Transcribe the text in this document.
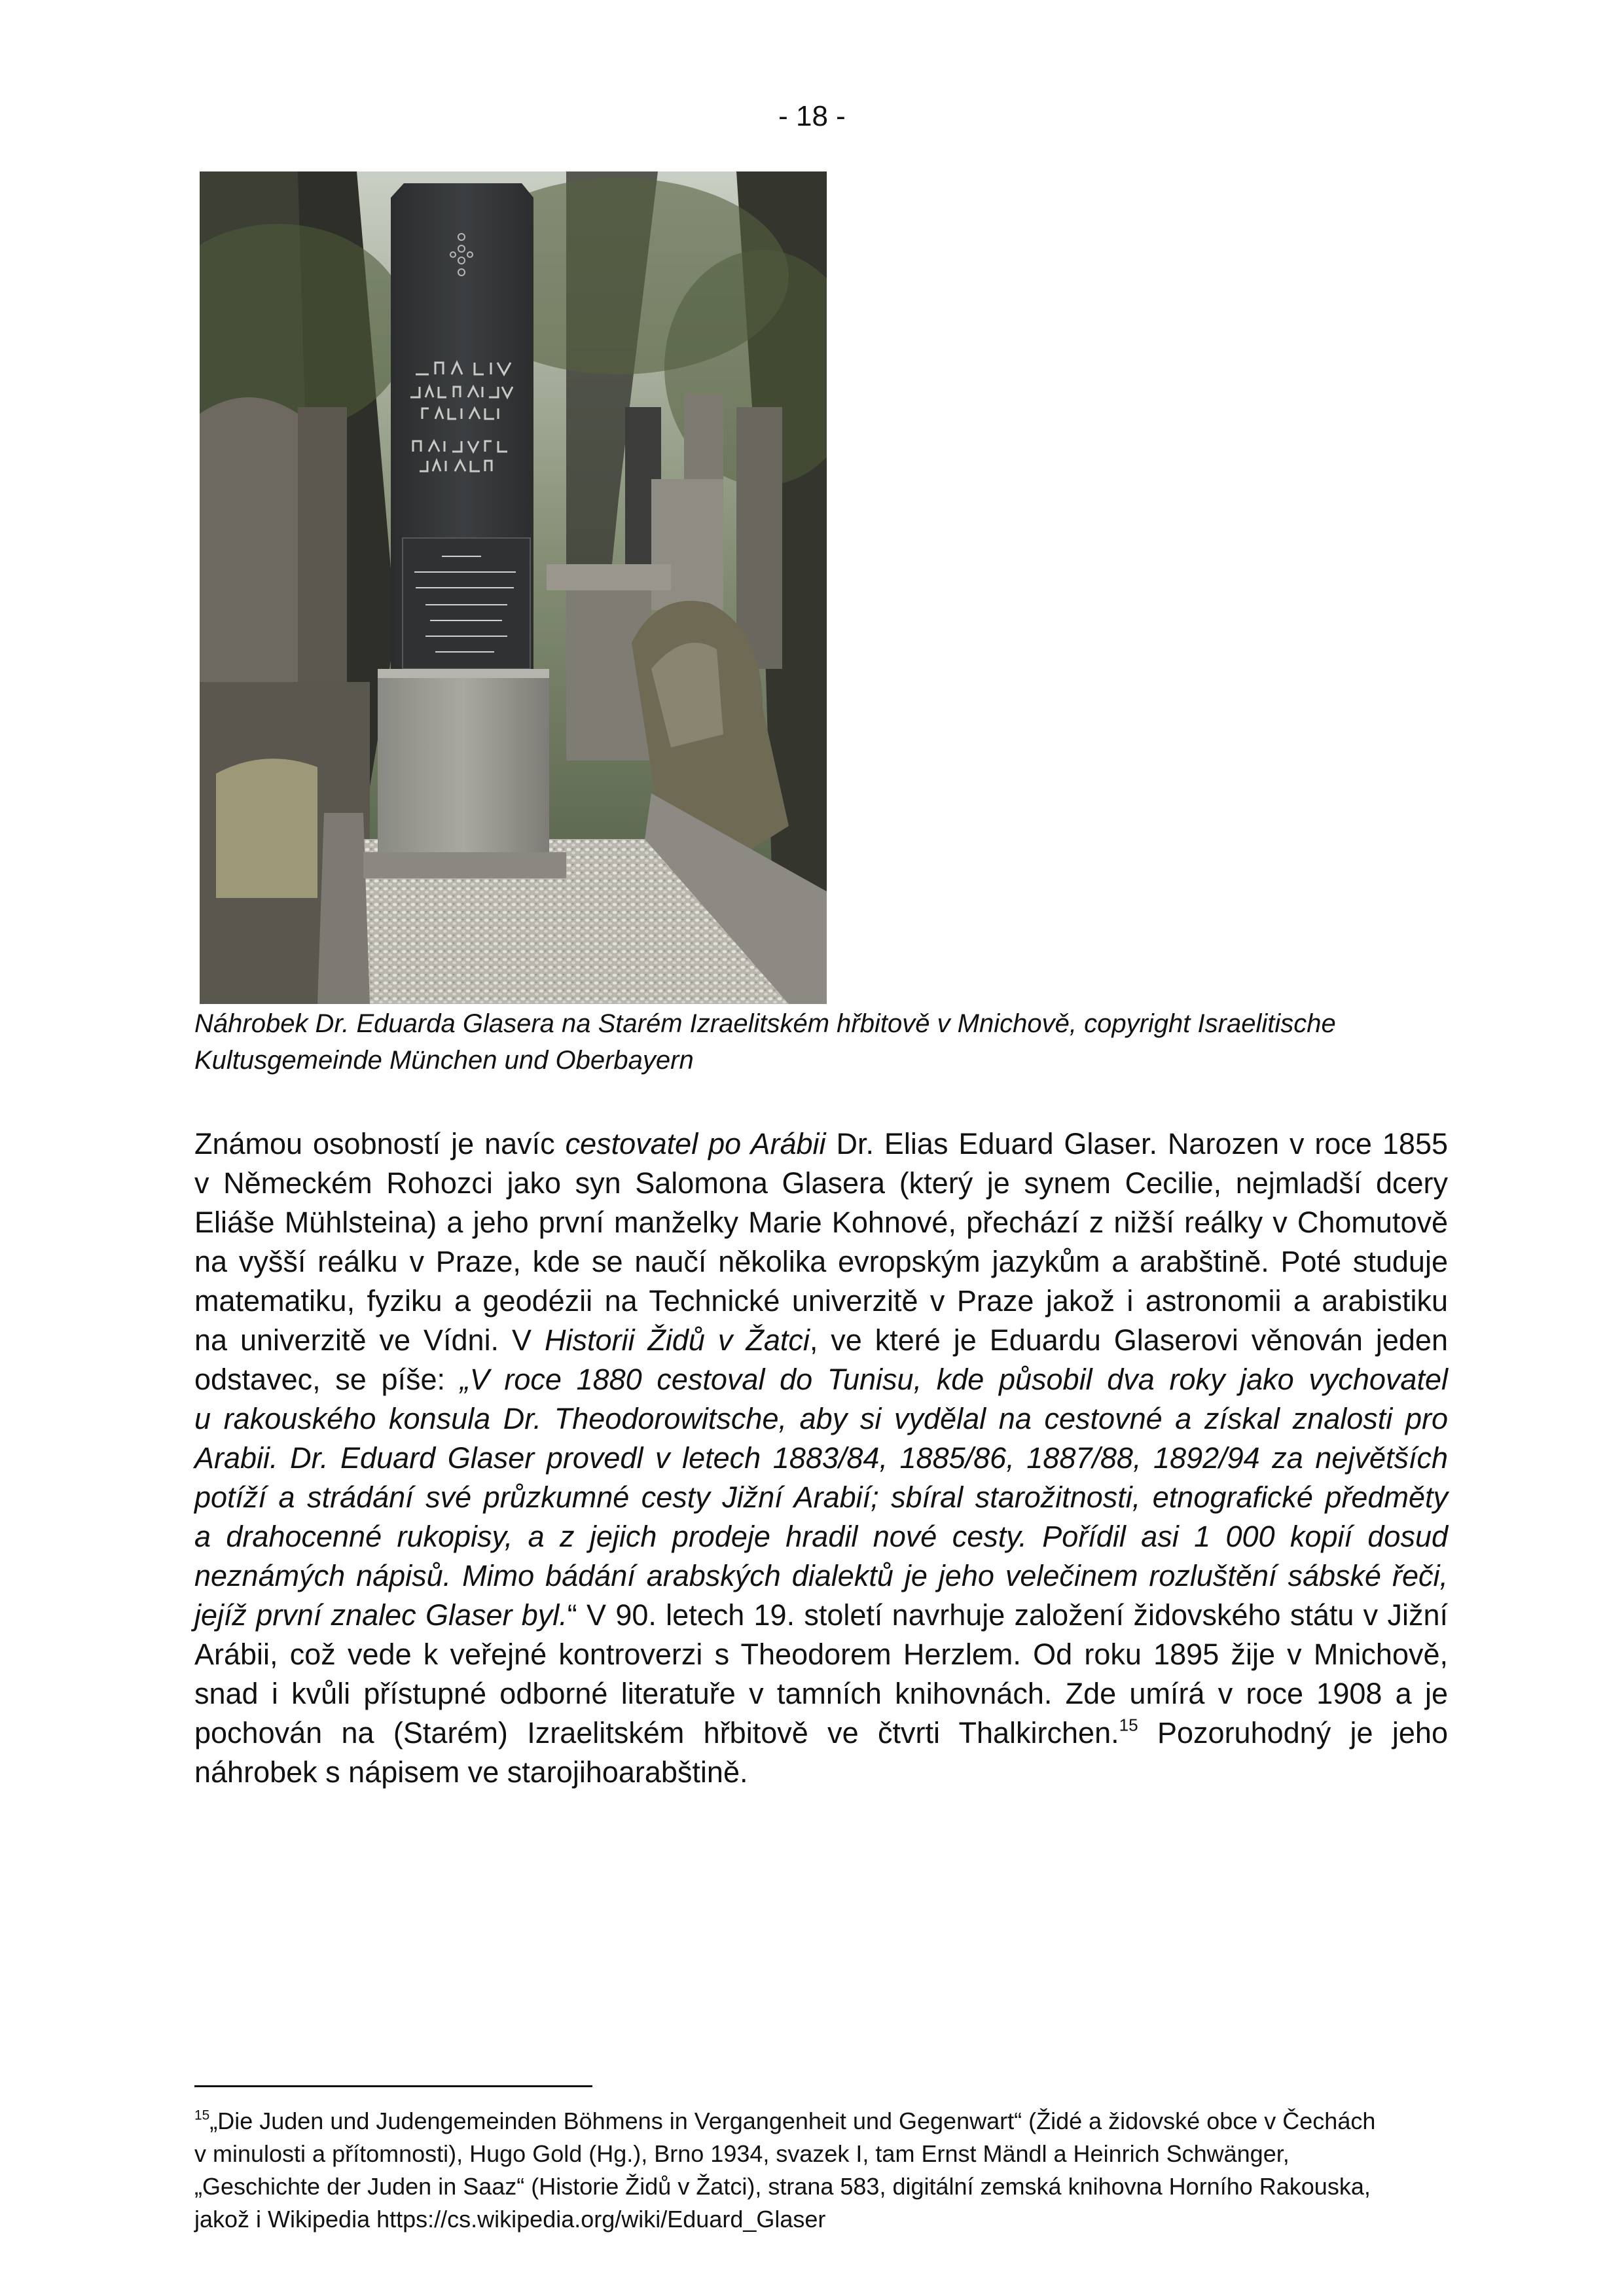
- 18 -
Náhrobek Dr. Eduarda Glasera na Starém Izraelitském hřbitově v Mnichově, copyright Israelitische
Kultusgemeinde München und Oberbayern
Známou osobností je navíc cestovatel po Arábii Dr. Elias Eduard Glaser. Narozen v roce 1855
v Německém Rohozci jako syn Salomona Glasera (který je synem Cecilie, nejmladší dcery
Eliáše Mühlsteina) a jeho první manželky Marie Kohnové, přechází z nižší reálky v Chomutově
na vyšší reálku v Praze, kde se naučí několika evropským jazykům a arabštině. Poté studuje
matematiku, fyziku a geodézii na Technické univerzitě v Praze jakož i astronomii a arabistiku
na univerzitě ve Vídni. V Historii Židů v Žatci, ve které je Eduardu Glaserovi věnován jeden
odstavec, se píše: „V roce 1880 cestoval do Tunisu, kde působil dva roky jako vychovatel
u rakouského konsula Dr. Theodorowitsche, aby si vydělal na cestovné a získal znalosti pro
Arabii. Dr. Eduard Glaser provedl v letech 1883/84, 1885/86, 1887/88, 1892/94 za největších
potíží a strádání své průzkumné cesty Jižní Arabií; sbíral starožitnosti, etnografické předměty
a drahocenné rukopisy, a z jejich prodeje hradil nové cesty. Pořídil asi 1 000 kopií dosud
neznámých nápisů. Mimo bádání arabských dialektů je jeho velečinem rozluštění sábské řeči,
jejíž první znalec Glaser byl.“ V 90. letech 19. století navrhuje založení židovského státu v Jižní
Arábii, což vede k veřejné kontroverzi s Theodorem Herzlem. Od roku 1895 žije v Mnichově,
snad i kvůli přístupné odborné literatuře v tamních knihovnách. Zde umírá v roce 1908 a je
pochován na (Starém) Izraelitském hřbitově ve čtvrti Thalkirchen.$^{15}$ Pozoruhodný je jeho
náhrobek s nápisem ve starojihoarabštině.
$^{15}$„Die Juden und Judengemeinden Böhmens in Vergangenheit und Gegenwart“ (Židé a židovské obce v Čechách
v minulosti a přítomnosti), Hugo Gold (Hg.), Brno 1934, svazek I, tam Ernst Mändl a Heinrich Schwänger,
„Geschichte der Juden in Saaz“ (Historie Židů v Žatci), strana 583, digitální zemská knihovna Horního Rakouska,
jakož i Wikipedia https://cs.wikipedia.org/wiki/Eduard_Glaser
